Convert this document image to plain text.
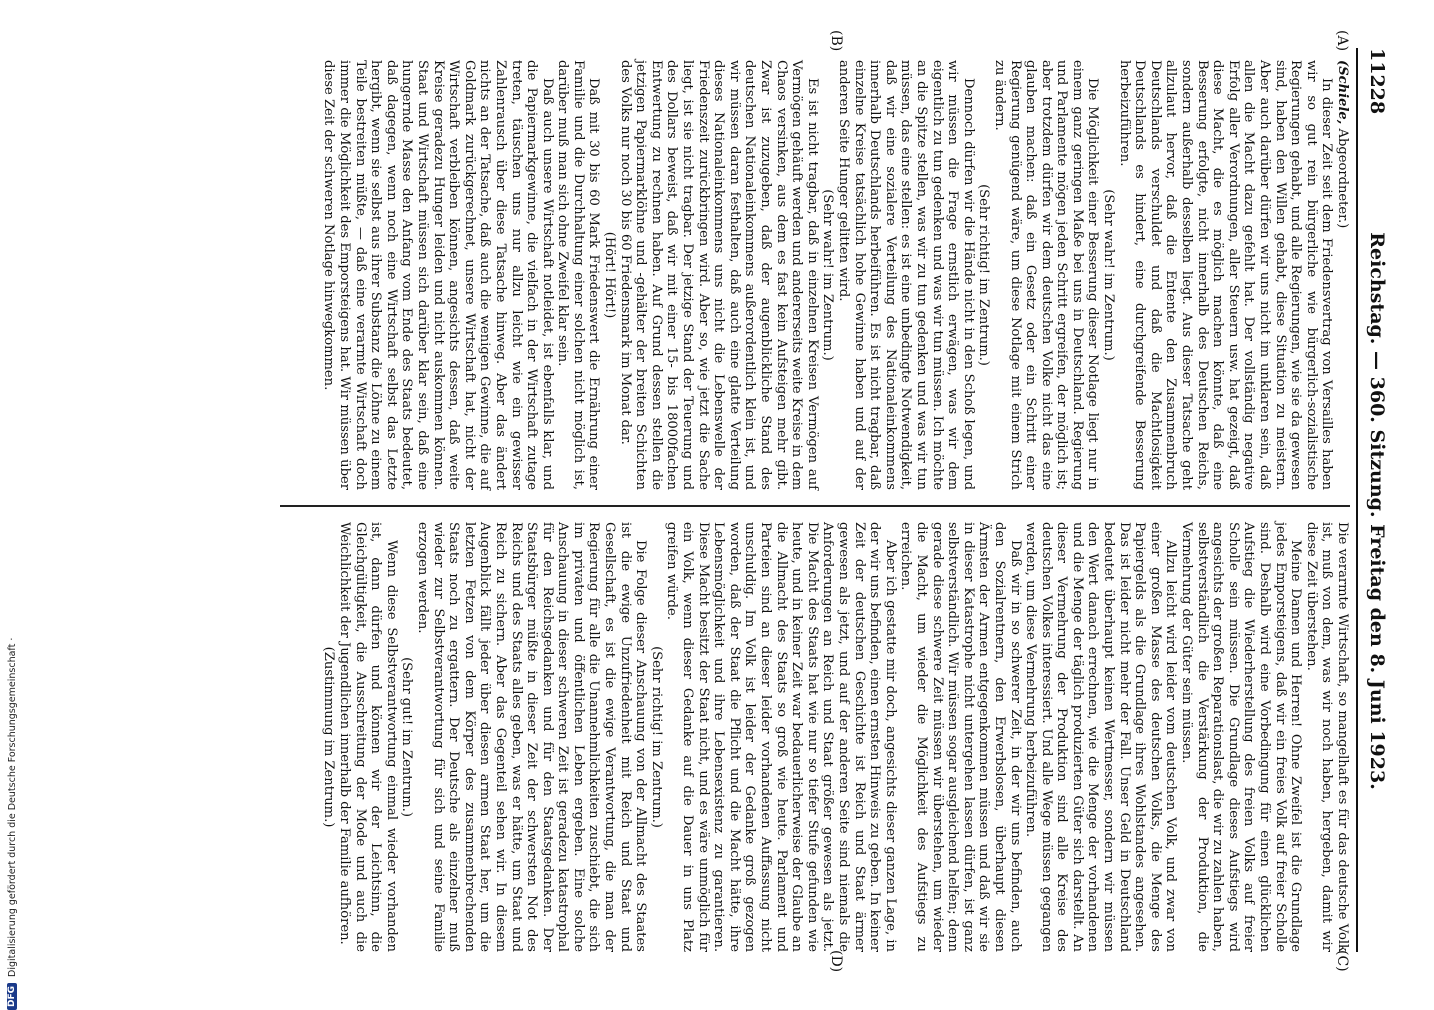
11228
Reichstag. — 360. Sitzung. Freitag den 8. Juni 1923.
(A)
(B)
(C)
(D)

(Schiele, Abgeordneter.)

In dieser Zeit seit dem Friedensvertrag von Versailles haben wir so gut rein bürgerliche wie bürgerlich-sozialistische Regierungen gehabt, und alle Regierungen, wie sie da gewesen sind, haben den Willen gehabt, diese Situation zu meistern. Aber auch darüber dürfen wir uns nicht im unklaren sein, daß allen die Macht dazu gefehlt hat. Der vollständig negative Erfolg aller Verordnungen, aller Steuern usw. hat gezeigt, daß diese Macht, die es möglich machen könnte, daß eine Besserung erfolgte, nicht innerhalb des Deutschen Reichs, sondern außerhalb desselben liegt. Aus dieser Tatsache geht allzulaut hervor, daß die Entente den Zusammenbruch Deutschlands verschuldet und daß die Machtlosigkeit Deutschlands es hindert, eine durchgreifende Besserung herbeizuführen.

(Sehr wahr! im Zentrum.)

Die Möglichkeit einer Besserung dieser Notlage liegt nur in einem ganz geringen Maße bei uns in Deutschland. Regierung und Parlamente mögen jeden Schritt ergreifen, der möglich ist; aber trotzdem dürfen wir dem deutschen Volke nicht das eine glauben machen: daß ein Gesetz oder ein Schritt einer Regierung genügend wäre, um diese Notlage mit einem Strich zu ändern.

(Sehr richtig! im Zentrum.)

Dennoch dürfen wir die Hände nicht in den Schoß legen, und wir müssen die Frage ernstlich erwägen, was wir dem eigentlich zu tun gedenken und was wir tun müssen. Ich möchte an die Spitze stellen, was wir zu tun gedenken und was wir tun müssen, das eine stellen: es ist eine unbedingte Notwendigkeit, daß wir eine sozialere Verteilung des Nationaleinkommens innerhalb Deutschlands herbeiführen. Es ist nicht tragbar, daß einzelne Kreise tatsächlich hohe Gewinne haben und auf der anderen Seite Hunger gelitten wird.

(Sehr wahr! im Zentrum.)

Es ist nicht tragbar, daß in einzelnen Kreisen Vermögen auf Vermögen gehäuft werden und andererseits weite Kreise in dem Chaos versinken, aus dem es fast kein Aufsteigen mehr gibt. Zwar ist zuzugeben, daß der augenblickliche Stand des deutschen Nationaleinkommens außerordentlich klein ist, und wir müssen daran festhalten, daß auch eine glatte Verteilung dieses Nationaleinkommens uns nicht die Lebenswelle der Friedenszeit zurückbringen wird. Aber so, wie jetzt die Sache liegt, ist sie nicht tragbar. Der jetzige Stand der Teuerung und des Dollars beweist, daß wir mit einer 15- bis 18000fachen Entwertung zu rechnen haben. Auf Grund dessen stellen die jetzigen Papiermarklöhne und -gehälter der breiten Schichten des Volks nur noch 30 bis 60 Friedensmark im Monat dar.

(Hört! Hört!)

Daß mit 30 bis 60 Mark Friedenswert die Ernährung einer Familie und die Durchhaltung einer solchen nicht möglich ist, darüber muß man sich ohne Zweifel klar sein.

Daß auch unsere Wirtschaft notleidet, ist ebenfalls klar, und die Papiermarkgewinne, die vielfach in der Wirtschaft zutage treten, täuschen uns nur allzu leicht wie ein gewisser Zahlenrausch über diese Tatsache hinweg. Aber das ändert nichts an der Tatsache, daß auch die wenigen Gewinne, die auf Goldmark zurückgerechnet, unsere Wirtschaft hat, nicht der Wirtschaft verbleiben können, angesichts dessen, daß weite Kreise geradezu Hunger leiden und nicht auskommen können. Staat und Wirtschaft müssen sich darüber klar sein, daß eine hungernde Masse den Anfang vom Ende des Staats bedeutet, daß dagegen, wenn noch eine Wirtschaft selbst das Letzte hergibt, wenn sie selbst aus ihrer Substanz die Löhne zu einem Teile bestreiten müßte, — daß eine verarmte Wirtschaft doch immer die Möglichkeit des Emporsteigens hat. Wir müssen über diese Zeit der schweren Notlage hinwegkommen.

Die verarmte Wirtschaft, so mangelhaft es für das deutsche Volk ist, muß von dem, was wir noch haben, hergeben, damit wir diese Zeit überstehen.

Meine Damen und Herren! Ohne Zweifel ist die Grundlage jedes Emporsteigens, daß wir ein freies Volk auf freier Scholle sind. Deshalb wird eine Vorbedingung für einen glücklichen Aufstieg die Wiederherstellung des freien Volks auf freier Scholle sein müssen. Die Grundlage dieses Aufstiegs wird angesichts der großen Reparationslast, die wir zu zahlen haben, selbstverständlich die Verstärkung der Produktion, die Vermehrung der Güter sein müssen.

Allzu leicht wird leider vom deutschen Volk, und zwar von einer großen Masse des deutschen Volks, die Menge des Papiergelds als die Grundlage ihres Wohlstandes angesehen. Das ist leider nicht mehr der Fall. Unser Geld in Deutschland bedeutet überhaupt keinen Wertmesser, sondern wir müssen den Wert danach errechnen, wie die Menge der vorhandenen und die Menge der täglich produzierten Güter sich darstellt. An dieser Vermehrung der Produktion sind alle Kreise des deutschen Volkes interessiert. Und alle Wege müssen gegangen werden, um diese Vermehrung herbeizuführen.

Daß wir in so schwerer Zeit, in der wir uns befinden, auch den Sozialrentnern, den Erwerbslosen, überhaupt diesen Ärmsten der Armen entgegenkommen müssen und daß wir sie in dieser Katastrophe nicht untergehen lassen dürfen, ist ganz selbstverständlich. Wir müssen sogar ausgleichend helfen; denn gerade diese schwere Zeit müssen wir überstehen, um wieder die Macht, um wieder die Möglichkeit des Aufstiegs zu erreichen.

Aber ich gestatte mir doch, angesichts dieser ganzen Lage, in der wir uns befinden, einen ernsten Hinweis zu geben. In keiner Zeit der deutschen Geschichte ist Reich und Staat ärmer gewesen als jetzt, und auf der anderen Seite sind niemals die Anforderungen an Reich und Staat größer gewesen als jetzt. Die Macht des Staats hat wie nur so tiefer Stufe gefunden wie heute, und in keiner Zeit war bedauerlicherweise der Glaube an die Allmacht des Staats so groß wie heute. Parlament und Parteien sind an dieser leider vorhandenen Auffassung nicht unschuldig. Im Volk ist leider der Gedanke groß gezogen worden, daß der Staat die Pflicht und die Macht hätte, ihre Lebensmöglichkeit und ihre Lebensexistenz zu garantieren. Diese Macht besitzt der Staat nicht, und es wäre unmöglich für ein Volk, wenn dieser Gedanke auf die Dauer in uns Platz greifen würde.

(Sehr richtig! im Zentrum.)

Die Folge dieser Anschauung von der Allmacht des Staates ist die ewige Unzufriedenheit mit Reich und Staat und Gesellschaft, es ist die ewige Verantwortung, die man der Regierung für alle die Unannehmlichkeiten zuschiebt, die sich im privaten und öffentlichen Leben ergeben. Eine solche Anschauung in dieser schweren Zeit ist geradezu katastrophal für den Reichsgedanken und für den Staatsgedanken. Der Staatsbürger müßte in dieser Zeit der schwersten Not des Reichs und des Staats alles geben, was er hätte, um Staat und Reich zu sichern. Aber das Gegenteil sehen wir. In diesem Augenblick fällt jeder über diesen armen Staat her, um die letzten Fetzen von dem Körper des zusammenbrechenden Staats noch zu ergattern. Der Deutsche als einzelner muß wieder zur Selbstverantwortung für sich und seine Familie erzogen werden.

(Sehr gut! im Zentrum.)

Wenn diese Selbstverantwortung einmal wieder vorhanden ist, dann dürfen und können wir der Leichtsinn, die Gleichgültigkeit, die Ausschreitung der Mode und auch die Weichlichkeit der Jugendlichen innerhalb der Familie aufhören.

(Zustimmung im Zentrum.)

DFG
Digitalisierung gefördert durch die Deutsche Forschungsgemeinschaft ·
